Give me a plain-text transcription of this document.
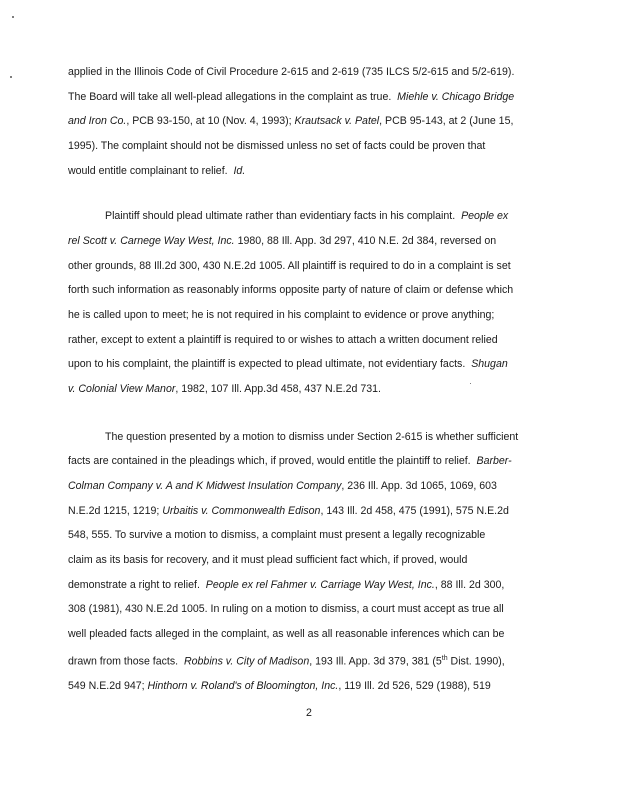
applied in the Illinois Code of Civil Procedure 2-615 and 2-619 (735 ILCS 5/2-615 and 5/2-619).
The Board will take all well-plead allegations in the complaint as true. Miehle v. Chicago Bridge
and Iron Co., PCB 93-150, at 10 (Nov. 4, 1993); Krautsack v. Patel, PCB 95-143, at 2 (June 15,
1995). The complaint should not be dismissed unless no set of facts could be proven that
would entitle complainant to relief. Id.
Plaintiff should plead ultimate rather than evidentiary facts in his complaint. People ex
rel Scott v. Carnege Way West, Inc. 1980, 88 Ill. App. 3d 297, 410 N.E. 2d 384, reversed on
other grounds, 88 Ill.2d 300, 430 N.E.2d 1005. All plaintiff is required to do in a complaint is set
forth such information as reasonably informs opposite party of nature of claim or defense which
he is called upon to meet; he is not required in his complaint to evidence or prove anything;
rather, except to extent a plaintiff is required to or wishes to attach a written document relied
upon to his complaint, the plaintiff is expected to plead ultimate, not evidentiary facts. Shugan
v. Colonial View Manor, 1982, 107 Ill. App.3d 458, 437 N.E.2d 731.
The question presented by a motion to dismiss under Section 2-615 is whether sufficient
facts are contained in the pleadings which, if proved, would entitle the plaintiff to relief. Barber-
Colman Company v. A and K Midwest Insulation Company, 236 Ill. App. 3d 1065, 1069, 603
N.E.2d 1215, 1219; Urbaitis v. Commonwealth Edison, 143 Ill. 2d 458, 475 (1991), 575 N.E.2d
548, 555. To survive a motion to dismiss, a complaint must present a legally recognizable
claim as its basis for recovery, and it must plead sufficient fact which, if proved, would
demonstrate a right to relief. People ex rel Fahmer v. Carriage Way West, Inc., 88 Ill. 2d 300,
308 (1981), 430 N.E.2d 1005. In ruling on a motion to dismiss, a court must accept as true all
well pleaded facts alleged in the complaint, as well as all reasonable inferences which can be
drawn from those facts. Robbins v. City of Madison, 193 Ill. App. 3d 379, 381 (5th Dist. 1990),
549 N.E.2d 947; Hinthorn v. Roland's of Bloomington, Inc., 119 Ill. 2d 526, 529 (1988), 519
2
